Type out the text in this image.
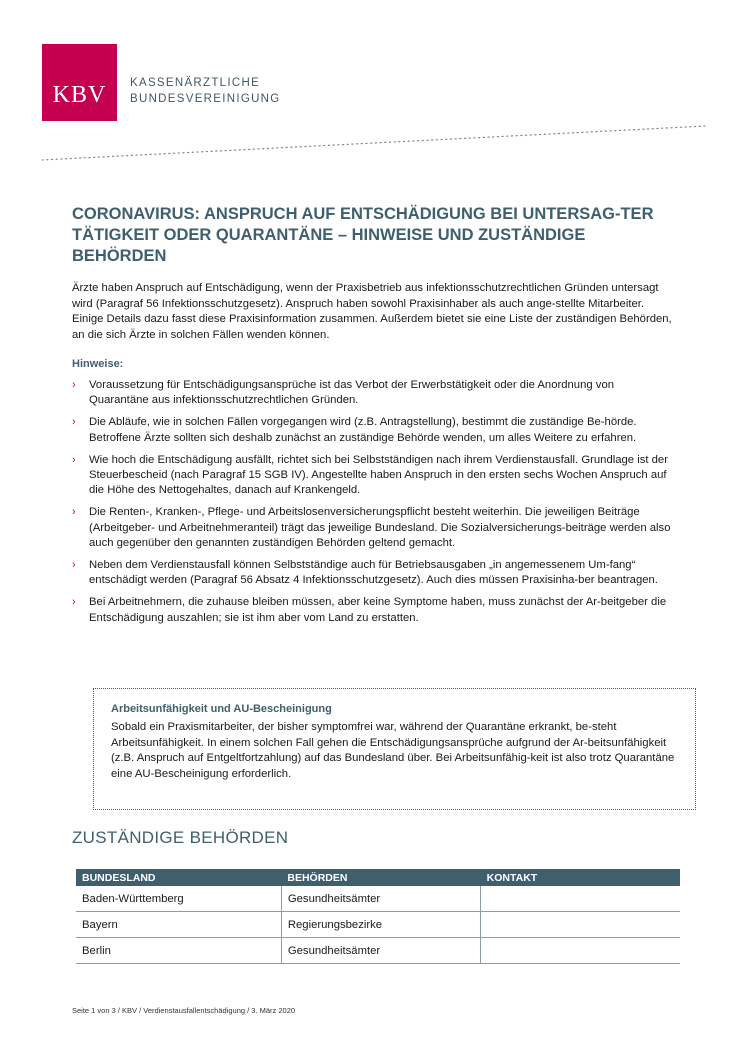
KBV KASSENÄRZTLICHE
BUNDESVEREINIGUNG
CORONAVIRUS: ANSPRUCH AUF ENTSCHÄDIGUNG BEI UNTERSAG-TER TÄTIGKEIT ODER QUARANTÄNE – HINWEISE UND ZUSTÄNDIGE BEHÖRDEN

Ärzte haben Anspruch auf Entschädigung, wenn der Praxisbetrieb aus infektionsschutzrechtlichen Gründen untersagt wird (Paragraf 56 Infektionsschutzgesetz). Anspruch haben sowohl Praxisinhaber als auch ange-stellte Mitarbeiter. Einige Details dazu fasst diese Praxisinformation zusammen. Außerdem bietet sie eine Liste der zuständigen Behörden, an die sich Ärzte in solchen Fällen wenden können.

Hinweise:

› Voraussetzung für Entschädigungsansprüche ist das Verbot der Erwerbstätigkeit oder die Anordnung von Quarantäne aus infektionsschutzrechtlichen Gründen.
› Die Abläufe, wie in solchen Fällen vorgegangen wird (z.B. Antragstellung), bestimmt die zuständige Be-hörde. Betroffene Ärzte sollten sich deshalb zunächst an zuständige Behörde wenden, um alles Weitere zu erfahren.
› Wie hoch die Entschädigung ausfällt, richtet sich bei Selbstständigen nach ihrem Verdienstausfall. Grundlage ist der Steuerbescheid (nach Paragraf 15 SGB IV). Angestellte haben Anspruch in den ersten sechs Wochen Anspruch auf die Höhe des Nettogehaltes, danach auf Krankengeld.
› Die Renten-, Kranken-, Pflege- und Arbeitslosenversicherungspflicht besteht weiterhin. Die jeweiligen Beiträge (Arbeitgeber- und Arbeitnehmeranteil) trägt das jeweilige Bundesland. Die Sozialversicherungs-beiträge werden also auch gegenüber den genannten zuständigen Behörden geltend gemacht.
› Neben dem Verdienstausfall können Selbstständige auch für Betriebsausgaben „in angemessenem Um-fang“ entschädigt werden (Paragraf 56 Absatz 4 Infektionsschutzgesetz). Auch dies müssen Praxisinha-ber beantragen.
› Bei Arbeitnehmern, die zuhause bleiben müssen, aber keine Symptome haben, muss zunächst der Ar-beitgeber die Entschädigung auszahlen; sie ist ihm aber vom Land zu erstatten.

Arbeitsunfähigkeit und AU-Bescheinigung

Sobald ein Praxismitarbeiter, der bisher symptomfrei war, während der Quarantäne erkrankt, be-steht Arbeitsunfähigkeit. In einem solchen Fall gehen die Entschädigungsansprüche aufgrund der Ar-beitsunfähigkeit (z.B. Anspruch auf Entgeltfortzahlung) auf das Bundesland über. Bei Arbeitsunfähig-keit ist also trotz Quarantäne eine AU-Bescheinigung erforderlich.

ZUSTÄNDIGE BEHÖRDEN
BUNDESLAND	BEHÖRDEN	KONTAKT
Baden-Württemberg	Gesundheitsämter	
Bayern	Regierungsbezirke	
Berlin	Gesundheitsämter	

Seite 1 von 3 / KBV / Verdienstausfallentschädigung / 3. März 2020
